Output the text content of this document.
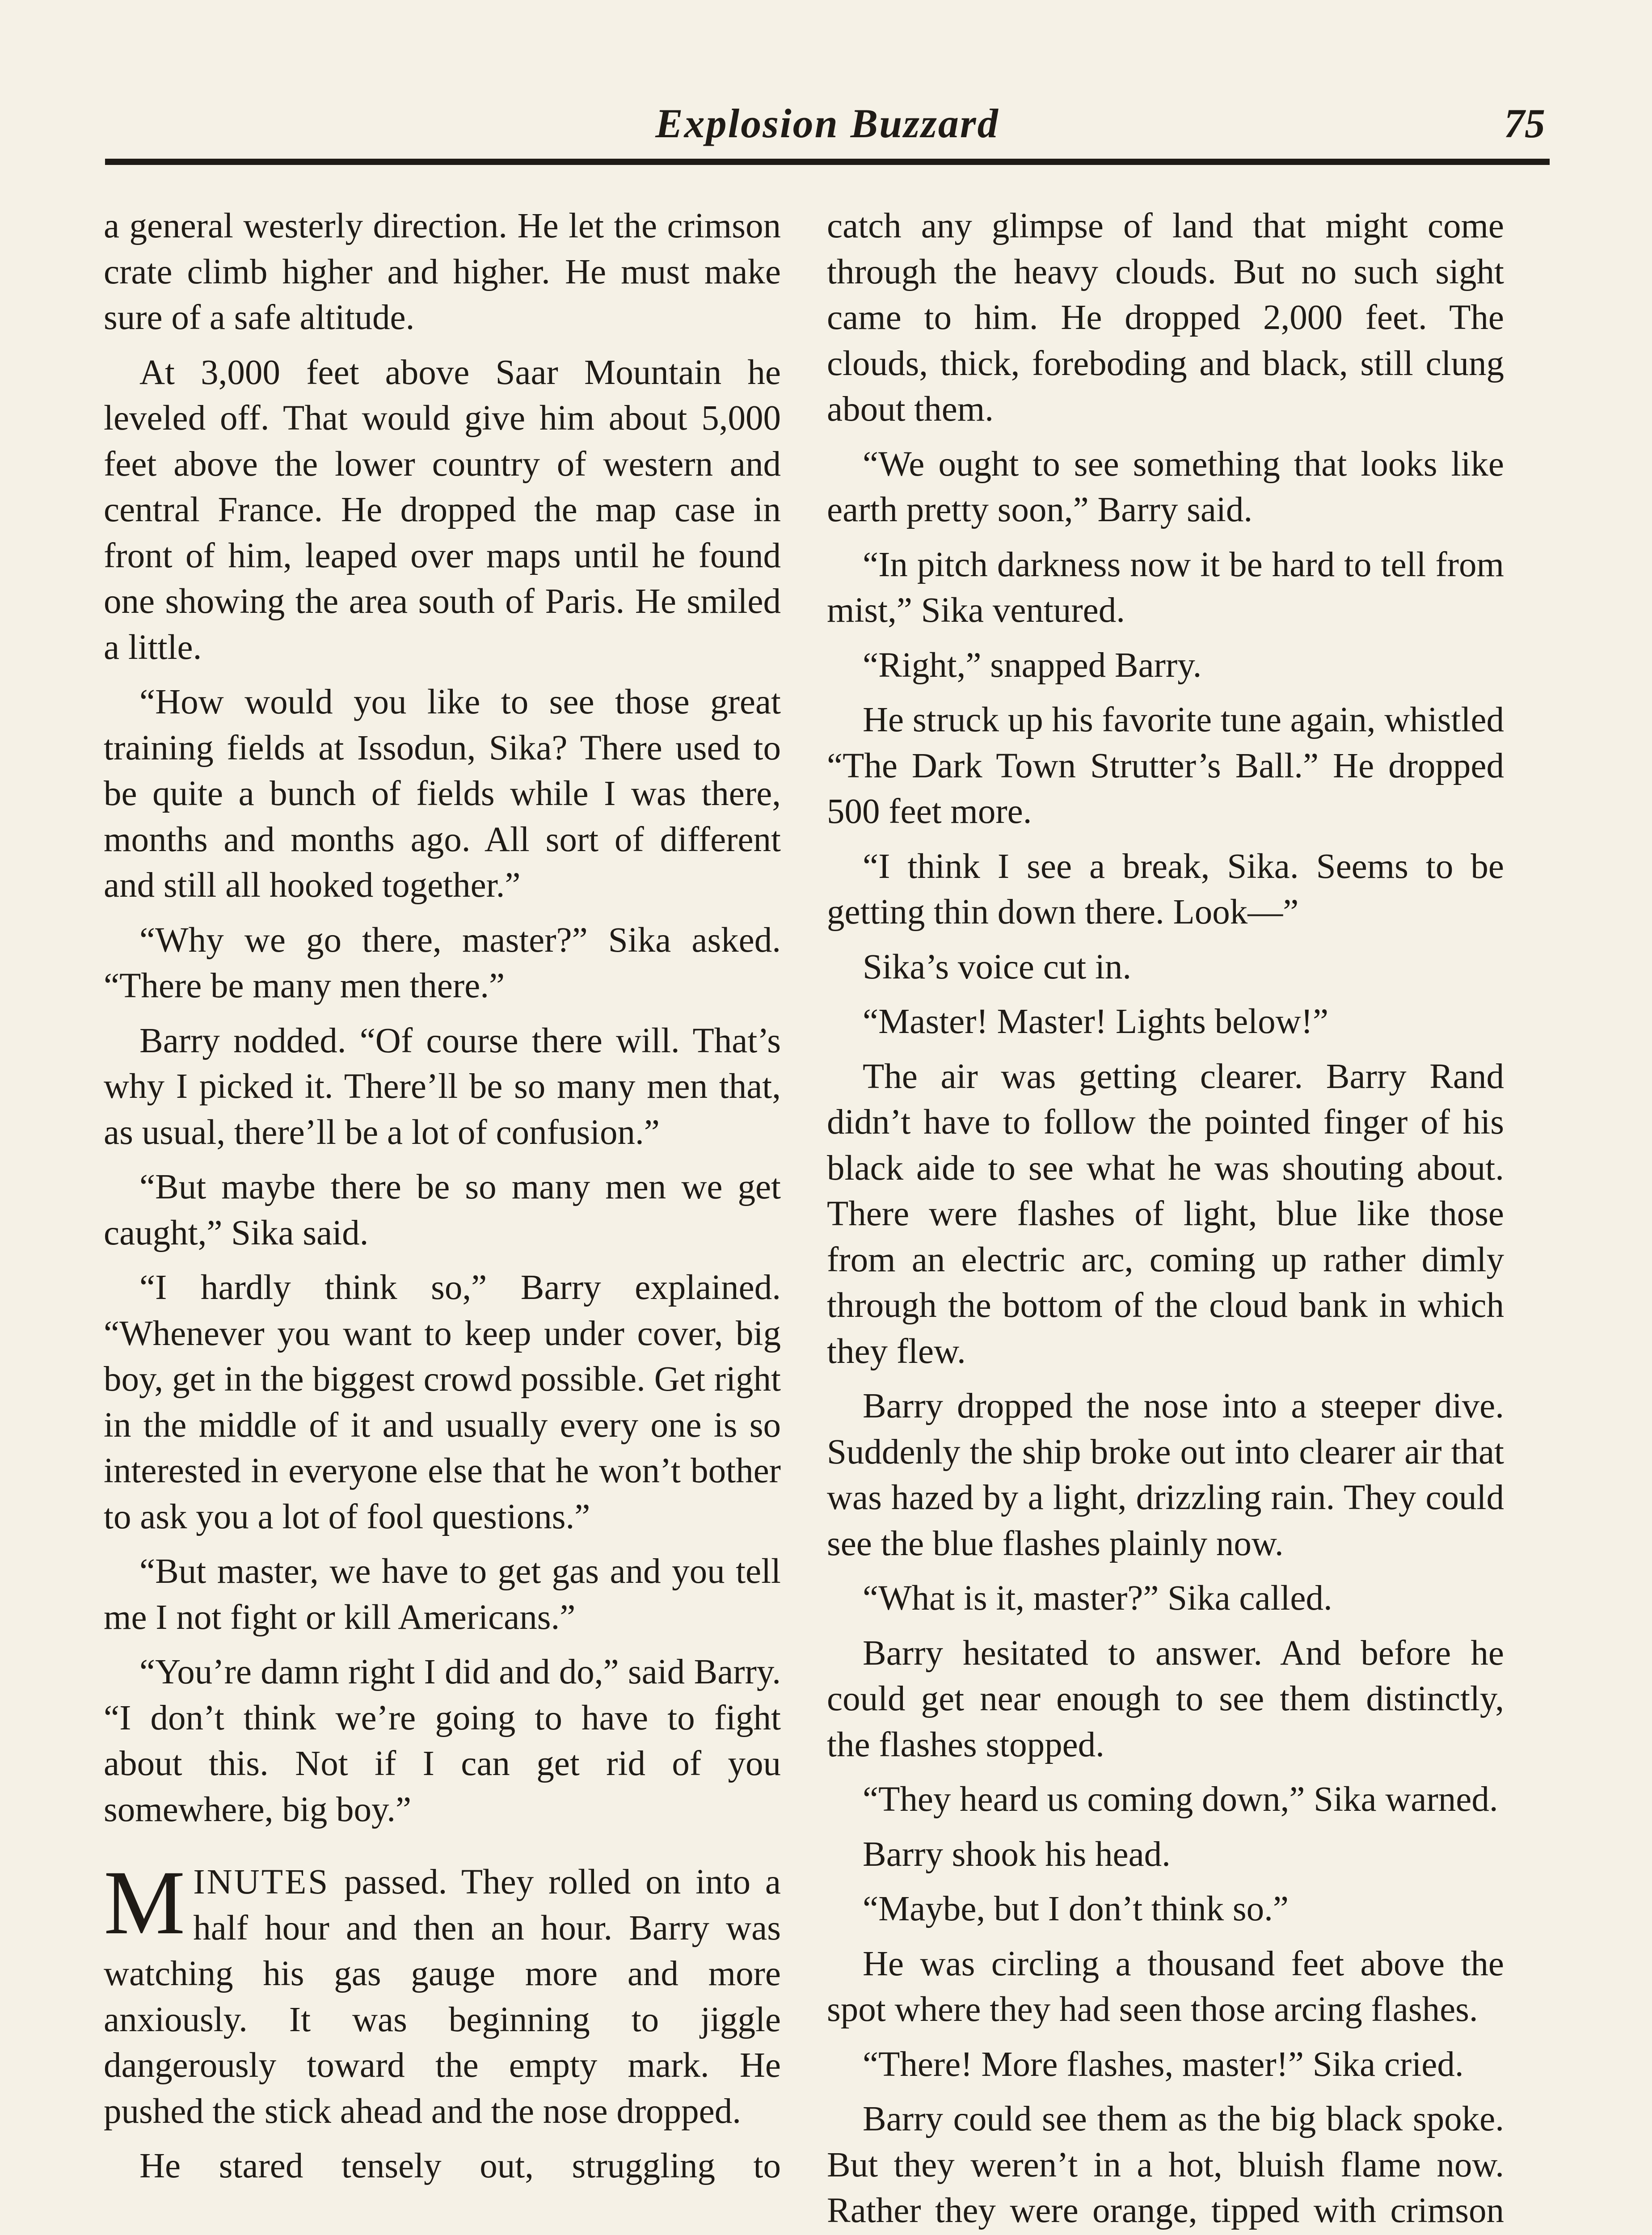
Explosion Buzzard	75

a general westerly direction. He let the crimson crate climb higher and higher. He must make sure of a safe altitude.

At 3,000 feet above Saar Mountain he leveled off. That would give him about 5,000 feet above the lower country of western and central France. He dropped the map case in front of him, leaped over maps until he found one showing the area south of Paris. He smiled a little.

“How would you like to see those great training fields at Issodun, Sika? There used to be quite a bunch of fields while I was there, months and months ago. All sort of different and still all hooked together.”

“Why we go there, master?” Sika asked. “There be many men there.”

Barry nodded. “Of course there will. That’s why I picked it. There’ll be so many men that, as usual, there’ll be a lot of confusion.”

“But maybe there be so many men we get caught,” Sika said.

“I hardly think so,” Barry explained. “Whenever you want to keep under cover, big boy, get in the biggest crowd possible. Get right in the middle of it and usually every one is so interested in everyone else that he won’t bother to ask you a lot of fool questions.”

“But master, we have to get gas and you tell me I not fight or kill Americans.”

“You’re damn right I did and do,” said Barry. “I don’t think we’re going to have to fight about this. Not if I can get rid of you somewhere, big boy.”

MINUTES passed. They rolled on into a half hour and then an hour. Barry was watching his gas gauge more and more anxiously. It was beginning to jiggle dangerously toward the empty mark. He pushed the stick ahead and the nose dropped.

He stared tensely out, struggling to

catch any glimpse of land that might come through the heavy clouds. But no such sight came to him. He dropped 2,000 feet. The clouds, thick, foreboding and black, still clung about them.

“We ought to see something that looks like earth pretty soon,” Barry said.

“In pitch darkness now it be hard to tell from mist,” Sika ventured.

“Right,” snapped Barry.

He struck up his favorite tune again, whistled “The Dark Town Strutter’s Ball.” He dropped 500 feet more.

“I think I see a break, Sika. Seems to be getting thin down there. Look—”

Sika’s voice cut in.

“Master! Master! Lights below!”

The air was getting clearer. Barry Rand didn’t have to follow the pointed finger of his black aide to see what he was shouting about. There were flashes of light, blue like those from an electric arc, coming up rather dimly through the bottom of the cloud bank in which they flew.

Barry dropped the nose into a steeper dive. Suddenly the ship broke out into clearer air that was hazed by a light, drizzling rain. They could see the blue flashes plainly now.

“What is it, master?” Sika called.

Barry hesitated to answer. And before he could get near enough to see them distinctly, the flashes stopped.

“They heard us coming down,” Sika warned.

Barry shook his head.

“Maybe, but I don’t think so.”

He was circling a thousand feet above the spot where they had seen those arcing flashes.

“There! More flashes, master!” Sika cried.

Barry could see them as the big black spoke. But they weren’t in a hot, bluish flame now. Rather they were orange, tipped with crimson
